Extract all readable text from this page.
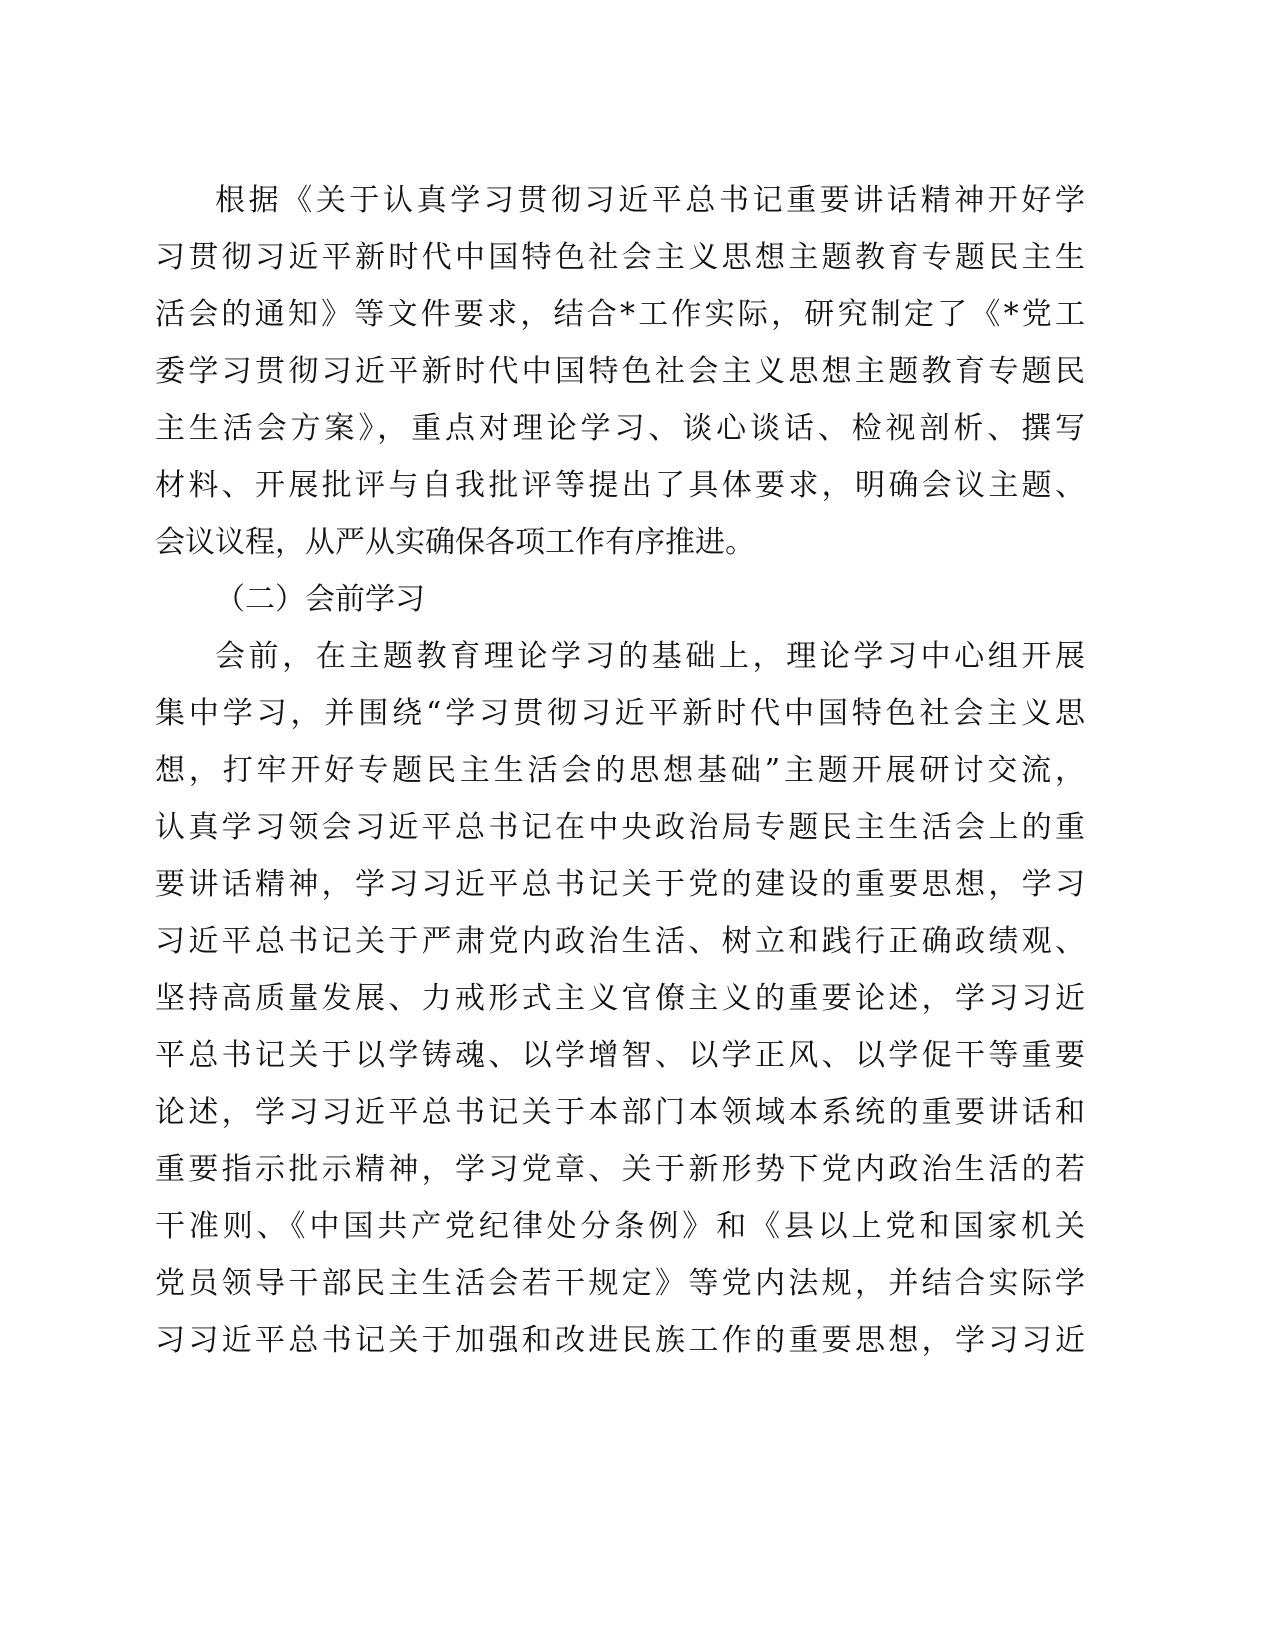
根据《关于认真学习贯彻习近平总书记重要讲话精神开好学
习贯彻习近平新时代中国特色社会主义思想主题教育专题民主生
活会的通知》等文件要求，结合*工作实际，研究制定了《*党工
委学习贯彻习近平新时代中国特色社会主义思想主题教育专题民
主生活会方案》，重点对理论学习、谈心谈话、检视剖析、撰写
材料、开展批评与自我批评等提出了具体要求，明确会议主题、
会议议程，从严从实确保各项工作有序推进。
（二）会前学习
会前，在主题教育理论学习的基础上，理论学习中心组开展
集中学习，并围绕“学习贯彻习近平新时代中国特色社会主义思
想，打牢开好专题民主生活会的思想基础”主题开展研讨交流，
认真学习领会习近平总书记在中央政治局专题民主生活会上的重
要讲话精神，学习习近平总书记关于党的建设的重要思想，学习
习近平总书记关于严肃党内政治生活、树立和践行正确政绩观、
坚持高质量发展、力戒形式主义官僚主义的重要论述，学习习近
平总书记关于以学铸魂、以学增智、以学正风、以学促干等重要
论述，学习习近平总书记关于本部门本领域本系统的重要讲话和
重要指示批示精神，学习党章、关于新形势下党内政治生活的若
干准则、《中国共产党纪律处分条例》和《县以上党和国家机关
党员领导干部民主生活会若干规定》等党内法规，并结合实际学
习习近平总书记关于加强和改进民族工作的重要思想，学习习近
